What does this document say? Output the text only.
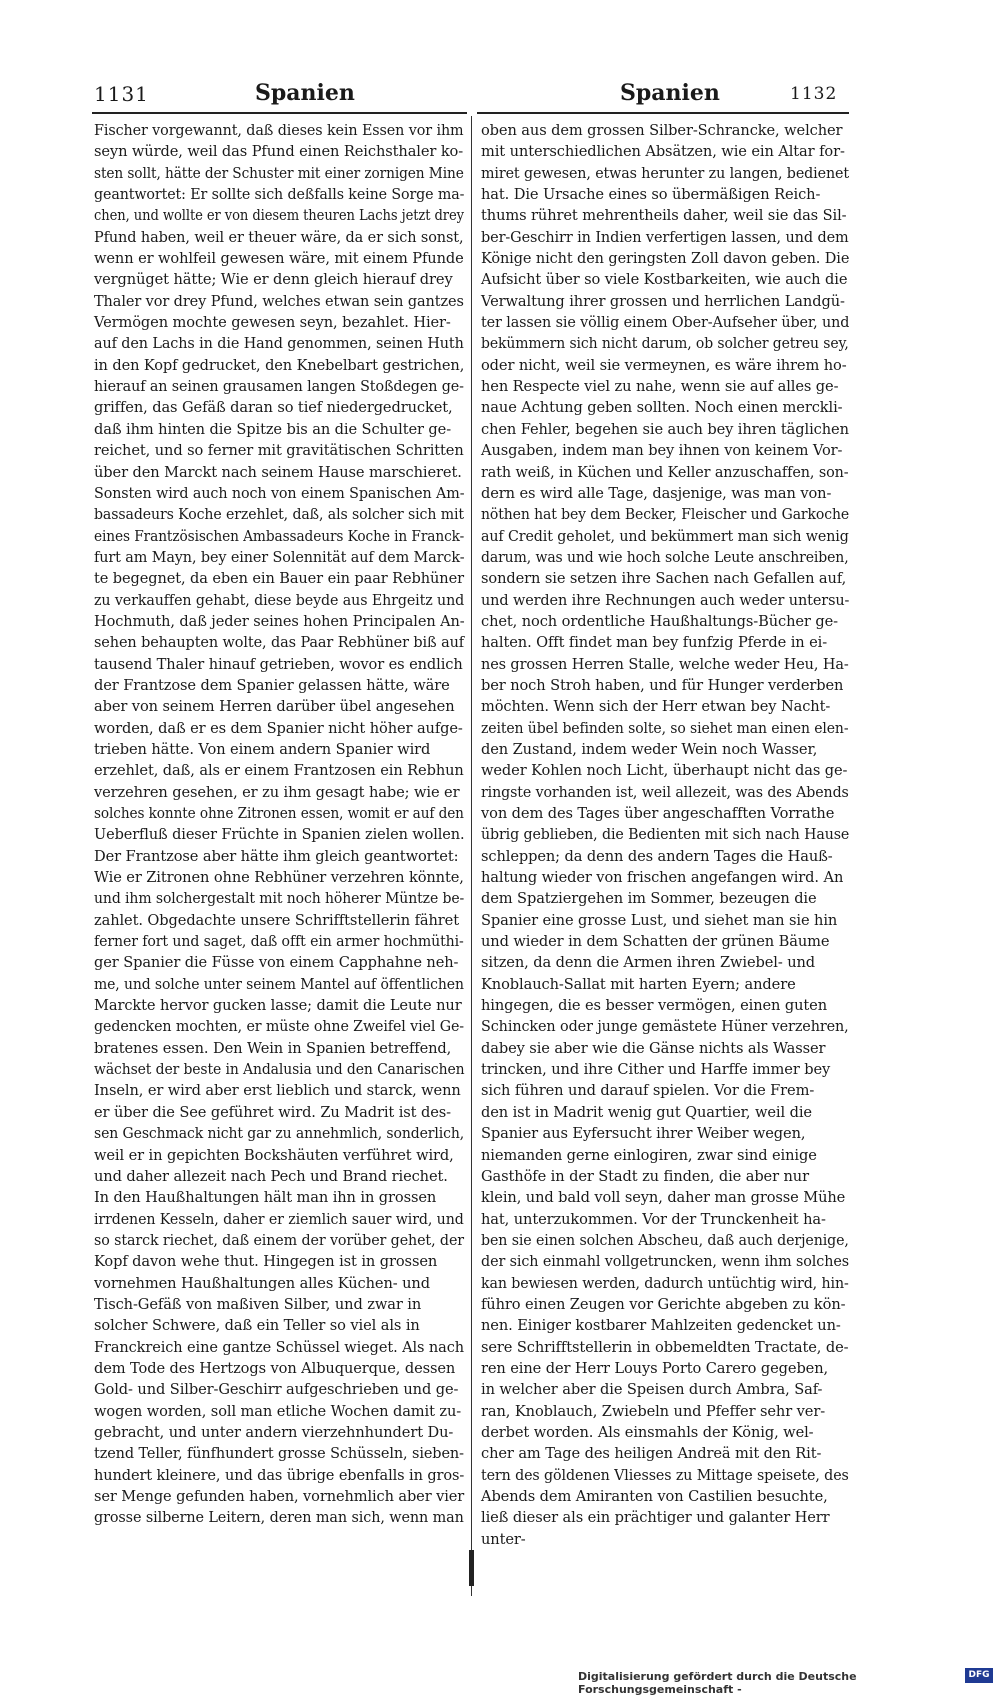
1131	Spanien	Spanien	1132
Fischer vorgewannt, daß dieses kein Essen vor ihm
seyn würde, weil das Pfund einen Reichsthaler ko-
sten sollt, hätte der Schuster mit einer zornigen Mine
geantwortet: Er sollte sich deßfalls keine Sorge ma-
chen, und wollte er von diesem theuren Lachs jetzt drey
Pfund haben, weil er theuer wäre, da er sich sonst,
wenn er wohlfeil gewesen wäre, mit einem Pfunde
vergnüget hätte; Wie er denn gleich hierauf drey
Thaler vor drey Pfund, welches etwan sein gantzes
Vermögen mochte gewesen seyn, bezahlet. Hier-
auf den Lachs in die Hand genommen, seinen Huth
in den Kopf gedrucket, den Knebelbart gestrichen,
hierauf an seinen grausamen langen Stoßdegen ge-
griffen, das Gefäß daran so tief niedergedrucket,
daß ihm hinten die Spitze bis an die Schulter ge-
reichet, und so ferner mit gravitätischen Schritten
über den Marckt nach seinem Hause marschieret.
Sonsten wird auch noch von einem Spanischen Am-
bassadeurs Koche erzehlet, daß, als solcher sich mit
eines Frantzösischen Ambassadeurs Koche in Franck-
furt am Mayn, bey einer Solennität auf dem Marck-
te begegnet, da eben ein Bauer ein paar Rebhüner
zu verkauffen gehabt, diese beyde aus Ehrgeitz und
Hochmuth, daß jeder seines hohen Principalen An-
sehen behaupten wolte, das Paar Rebhüner biß auf
tausend Thaler hinauf getrieben, wovor es endlich
der Frantzose dem Spanier gelassen hätte, wäre
aber von seinem Herren darüber übel angesehen
worden, daß er es dem Spanier nicht höher aufge-
trieben hätte. Von einem andern Spanier wird
erzehlet, daß, als er einem Frantzosen ein Rebhun
verzehren gesehen, er zu ihm gesagt habe; wie er
solches konnte ohne Zitronen essen, womit er auf den
Ueberfluß dieser Früchte in Spanien zielen wollen.
Der Frantzose aber hätte ihm gleich geantwortet:
Wie er Zitronen ohne Rebhüner verzehren könnte,
und ihm solchergestalt mit noch höherer Müntze be-
zahlet. Obgedachte unsere Schrifftstellerin fähret
ferner fort und saget, daß offt ein armer hochmüthi-
ger Spanier die Füsse von einem Capphahne neh-
me, und solche unter seinem Mantel auf öffentlichen
Marckte hervor gucken lasse; damit die Leute nur
gedencken mochten, er müste ohne Zweifel viel Ge-
bratenes essen. Den Wein in Spanien betreffend,
wächset der beste in Andalusia und den Canarischen
Inseln, er wird aber erst lieblich und starck, wenn
er über die See geführet wird. Zu Madrit ist des-
sen Geschmack nicht gar zu annehmlich, sonderlich,
weil er in gepichten Bockshäuten verführet wird,
und daher allezeit nach Pech und Brand riechet.
In den Haußhaltungen hält man ihn in grossen
irrdenen Kesseln, daher er ziemlich sauer wird, und
so starck riechet, daß einem der vorüber gehet, der
Kopf davon wehe thut. Hingegen ist in grossen
vornehmen Haußhaltungen alles Küchen- und
Tisch-Gefäß von maßiven Silber, und zwar in
solcher Schwere, daß ein Teller so viel als in
Franckreich eine gantze Schüssel wieget. Als nach
dem Tode des Hertzogs von Albuquerque, dessen
Gold- und Silber-Geschirr aufgeschrieben und ge-
wogen worden, soll man etliche Wochen damit zu-
gebracht, und unter andern vierzehnhundert Du-
tzend Teller, fünfhundert grosse Schüsseln, sieben-
hundert kleinere, und das übrige ebenfalls in gros-
ser Menge gefunden haben, vornehmlich aber vier
grosse silberne Leitern, deren man sich, wenn man
oben aus dem grossen Silber-Schrancke, welcher
mit unterschiedlichen Absätzen, wie ein Altar for-
miret gewesen, etwas herunter zu langen, bedienet
hat. Die Ursache eines so übermäßigen Reich-
thums rühret mehrentheils daher, weil sie das Sil-
ber-Geschirr in Indien verfertigen lassen, und dem
Könige nicht den geringsten Zoll davon geben. Die
Aufsicht über so viele Kostbarkeiten, wie auch die
Verwaltung ihrer grossen und herrlichen Landgü-
ter lassen sie völlig einem Ober-Aufseher über, und
bekümmern sich nicht darum, ob solcher getreu sey,
oder nicht, weil sie vermeynen, es wäre ihrem ho-
hen Respecte viel zu nahe, wenn sie auf alles ge-
naue Achtung geben sollten. Noch einen merckli-
chen Fehler, begehen sie auch bey ihren täglichen
Ausgaben, indem man bey ihnen von keinem Vor-
rath weiß, in Küchen und Keller anzuschaffen, son-
dern es wird alle Tage, dasjenige, was man von-
nöthen hat bey dem Becker, Fleischer und Garkoche
auf Credit geholet, und bekümmert man sich wenig
darum, was und wie hoch solche Leute anschreiben,
sondern sie setzen ihre Sachen nach Gefallen auf,
und werden ihre Rechnungen auch weder untersu-
chet, noch ordentliche Haußhaltungs-Bücher ge-
halten. Offt findet man bey funfzig Pferde in ei-
nes grossen Herren Stalle, welche weder Heu, Ha-
ber noch Stroh haben, und für Hunger verderben
möchten. Wenn sich der Herr etwan bey Nacht-
zeiten übel befinden solte, so siehet man einen elen-
den Zustand, indem weder Wein noch Wasser,
weder Kohlen noch Licht, überhaupt nicht das ge-
ringste vorhanden ist, weil allezeit, was des Abends
von dem des Tages über angeschafften Vorrathe
übrig geblieben, die Bedienten mit sich nach Hause
schleppen; da denn des andern Tages die Hauß-
haltung wieder von frischen angefangen wird. An
dem Spatziergehen im Sommer, bezeugen die
Spanier eine grosse Lust, und siehet man sie hin
und wieder in dem Schatten der grünen Bäume
sitzen, da denn die Armen ihren Zwiebel- und
Knoblauch-Sallat mit harten Eyern; andere
hingegen, die es besser vermögen, einen guten
Schincken oder junge gemästete Hüner verzehren,
dabey sie aber wie die Gänse nichts als Wasser
trincken, und ihre Cither und Harffe immer bey
sich führen und darauf spielen. Vor die Frem-
den ist in Madrit wenig gut Quartier, weil die
Spanier aus Eyfersucht ihrer Weiber wegen,
niemanden gerne einlogiren, zwar sind einige
Gasthöfe in der Stadt zu finden, die aber nur
klein, und bald voll seyn, daher man grosse Mühe
hat, unterzukommen. Vor der Trunckenheit ha-
ben sie einen solchen Abscheu, daß auch derjenige,
der sich einmahl vollgetruncken, wenn ihm solches
kan bewiesen werden, dadurch untüchtig wird, hin-
führo einen Zeugen vor Gerichte abgeben zu kön-
nen. Einiger kostbarer Mahlzeiten gedencket un-
sere Schrifftstellerin in obbemeldten Tractate, de-
ren eine der Herr Louys Porto Carero gegeben,
in welcher aber die Speisen durch Ambra, Saf-
ran, Knoblauch, Zwiebeln und Pfeffer sehr ver-
derbet worden. Als einsmahls der König, wel-
cher am Tage des heiligen Andreä mit den Rit-
tern des göldenen Vliesses zu Mittage speisete, des
Abends dem Amiranten von Castilien besuchte,
ließ dieser als ein prächtiger und galanter Herr
unter-
Digitalisierung gefördert durch die Deutsche Forschungsgemeinschaft -
DFG
